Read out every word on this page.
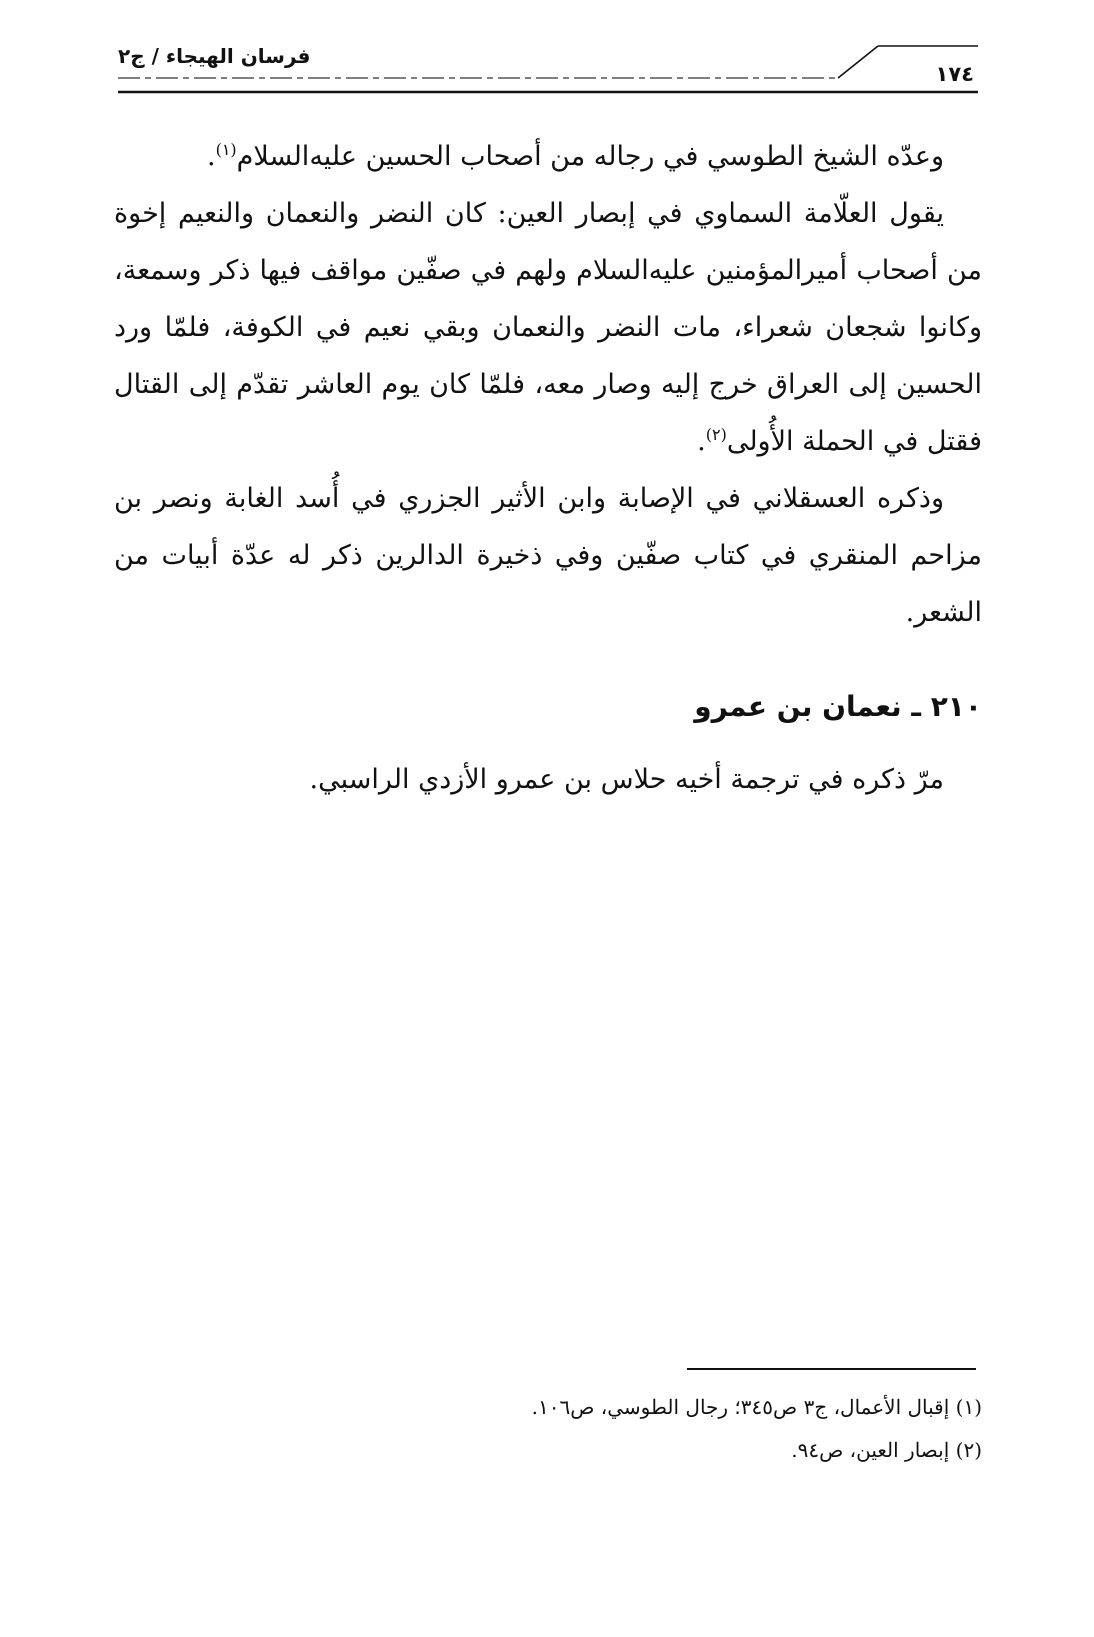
فرسان الهيجاء / ج٢
١٧٤

وعدّه الشيخ الطوسي في رجاله من أصحاب الحسين عليه‌السلام$^{(١)}$.

يقول العلّامة السماوي في إبصار العين: كان النضر والنعمان والنعيم إخوة من أصحاب أميرالمؤمنين عليه‌السلام ولهم في صفّين مواقف فيها ذكر وسمعة، وكانوا شجعان شعراء، مات النضر والنعمان وبقي نعيم في الكوفة، فلمّا ورد الحسين إلى العراق خرج إليه وصار معه، فلمّا كان يوم العاشر تقدّم إلى القتال فقتل في الحملة الأُولى$^{(٢)}$.

وذكره العسقلاني في الإصابة وابن الأثير الجزري في أُسد الغابة ونصر بن مزاحم المنقري في كتاب صفّين وفي ذخيرة الدالرين ذكر له عدّة أبيات من الشعر.

٢١٠ ـ نعمان بن عمرو
مرّ ذكره في ترجمة أخيه حلاس بن عمرو الأزدي الراسبي.

(١) إقبال الأعمال، ج٣ ص٣٤٥؛ رجال الطوسي، ص١٠٦.

(٢) إبصار العين، ص٩٤.
